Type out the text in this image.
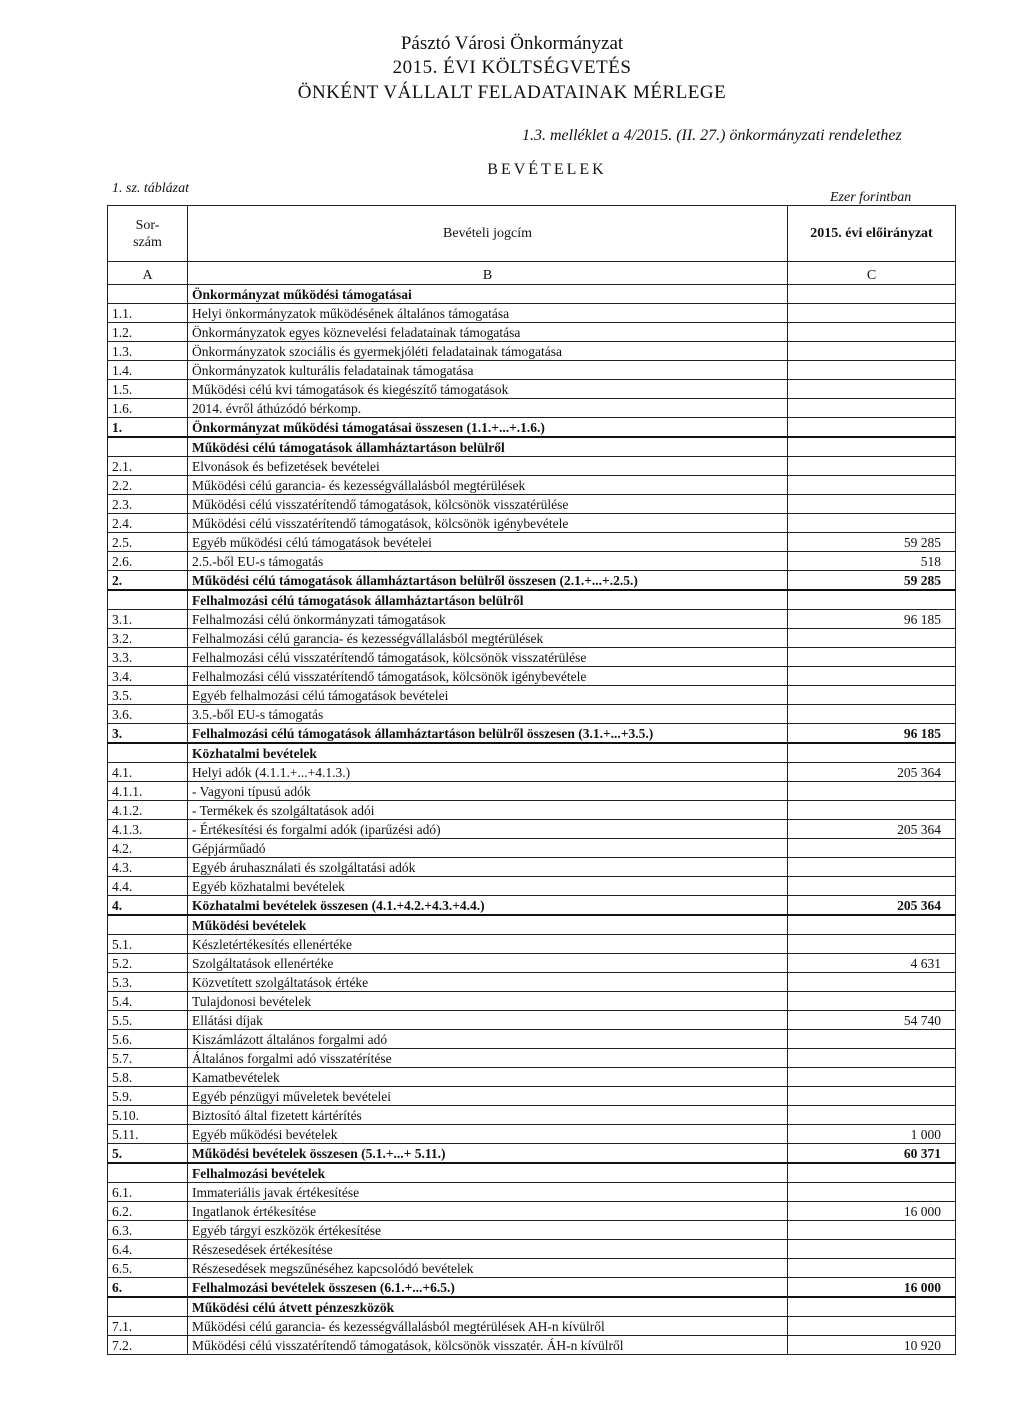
Pásztó Városi Önkormányzat
2015. ÉVI KÖLTSÉGVETÉS
ÖNKÉNT VÁLLALT FELADATAINAK MÉRLEGE
1.3. melléklet a 4/2015. (II. 27.) önkormányzati rendelethez
BEVÉTELEK
1. sz. táblázat
Ezer forintban
Sor-
szám	Bevételi jogcím	2015. évi előirányzat
A	B	C
	Önkormányzat működési támogatásai	
1.1.	Helyi önkormányzatok működésének általános támogatása	
1.2.	Önkormányzatok egyes köznevelési feladatainak támogatása	
1.3.	Önkormányzatok szociális és gyermekjóléti feladatainak támogatása	
1.4.	Önkormányzatok kulturális feladatainak támogatása	
1.5.	Működési célú kvi támogatások és kiegészítő támogatások	
1.6.	2014. évről áthúzódó bérkomp.	
1.	Önkormányzat működési támogatásai összesen (1.1.+...+.1.6.)	
	Működési célú támogatások államháztartáson belülről	
2.1.	Elvonások és befizetések bevételei	
2.2.	Működési célú garancia- és kezességvállalásból megtérülések	
2.3.	Működési célú visszatérítendő támogatások, kölcsönök visszatérülése	
2.4.	Működési célú visszatérítendő támogatások, kölcsönök igénybevétele	
2.5.	Egyéb működési célú támogatások bevételei	59 285
2.6.	2.5.-ből EU-s támogatás	518
2.	Működési célú támogatások államháztartáson belülről összesen (2.1.+...+.2.5.)	59 285
	Felhalmozási célú támogatások államháztartáson belülről	
3.1.	Felhalmozási célú önkormányzati támogatások	96 185
3.2.	Felhalmozási célú garancia- és kezességvállalásból megtérülések	
3.3.	Felhalmozási célú visszatérítendő támogatások, kölcsönök visszatérülése	
3.4.	Felhalmozási célú visszatérítendő támogatások, kölcsönök igénybevétele	
3.5.	Egyéb felhalmozási célú támogatások bevételei	
3.6.	3.5.-ből EU-s támogatás	
3.	Felhalmozási célú támogatások államháztartáson belülről összesen (3.1.+...+3.5.)	96 185
	Közhatalmi bevételek	
4.1.	Helyi adók (4.1.1.+...+4.1.3.)	205 364
4.1.1.	- Vagyoni típusú adók	
4.1.2.	- Termékek és szolgáltatások adói	
4.1.3.	- Értékesítési és forgalmi adók (iparűzési adó)	205 364
4.2.	Gépjárműadó	
4.3.	Egyéb áruhasználati és szolgáltatási adók	
4.4.	Egyéb közhatalmi bevételek	
4.	Közhatalmi bevételek összesen (4.1.+4.2.+4.3.+4.4.)	205 364
	Működési bevételek	
5.1.	Készletértékesítés ellenértéke	
5.2.	Szolgáltatások ellenértéke	4 631
5.3.	Közvetített szolgáltatások értéke	
5.4.	Tulajdonosi bevételek	
5.5.	Ellátási díjak	54 740
5.6.	Kiszámlázott általános forgalmi adó	
5.7.	Általános forgalmi adó visszatérítése	
5.8.	Kamatbevételek	
5.9.	Egyéb pénzügyi műveletek bevételei	
5.10.	Biztosító által fizetett kártérítés	
5.11.	Egyéb működési bevételek	1 000
5.	Működési bevételek összesen (5.1.+...+ 5.11.)	60 371
	Felhalmozási bevételek	
6.1.	Immateriális javak értékesítése	
6.2.	Ingatlanok értékesítése	16 000
6.3.	Egyéb tárgyi eszközök értékesítése	
6.4.	Részesedések értékesítése	
6.5.	Részesedések megszűnéséhez kapcsolódó bevételek	
6.	Felhalmozási bevételek összesen (6.1.+...+6.5.)	16 000
	Működési célú átvett pénzeszközök	
7.1.	Működési célú garancia- és kezességvállalásból megtérülések AH-n kívülről	
7.2.	Működési célú visszatérítendő támogatások, kölcsönök visszatér. ÁH-n kívülről	10 920
